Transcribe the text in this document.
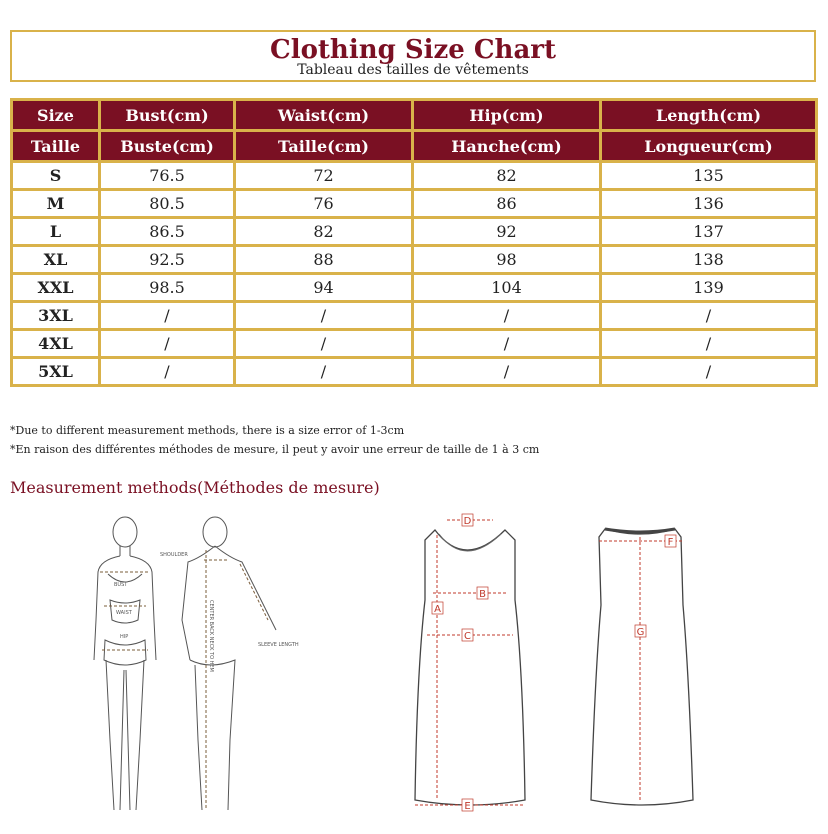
Clothing Size Chart
Tableau des tailles de vêtements
Size	Bust(cm)	Waist(cm)	Hip(cm)	Length(cm)
Taille	Buste(cm)	Taille(cm)	Hanche(cm)	Longueur(cm)
S	76.5	72	82	135
M	80.5	76	86	136
L	86.5	82	92	137
XL	92.5	88	98	138
XXL	98.5	94	104	139
3XL	/	/	/	/
4XL	/	/	/	/
5XL	/	/	/	/
*Due to different measurement methods, there is a size error of 1-3cm
*En raison des différentes méthodes de mesure, il peut y avoir une erreur de taille de 1 à 3 cm
Measurement methods(Méthodes de mesure)
SHOULDER
BUST
WAIST
HIP
SLEEVE LENGTH
CENTER BACK NECK TO HEM
D
B
A
C
E
F
G
